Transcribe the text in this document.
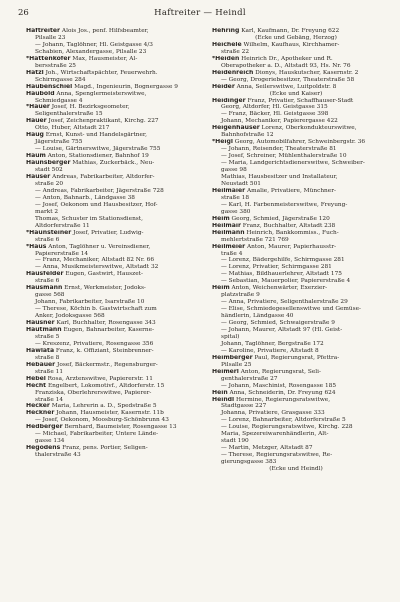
26	Haftreiter — Heindl
Haftreiter Alois Jos., penf. Hilfsbeamter,
Pilsalle 23
— Johann, Taglöhner, Hl. Geistgasse 4/3
Schabien, Alexandergasse, Pilsalle 23
*Hattenkofer Max, Hausmeister, Al-
bersstraße 25
Hatzl Joh., Wirtschaftspächter, Feuerwehrh.
Schirmgasse 284
Haubenschiel Magd., Ingenieurin, Bognergasse 9
Haubold Anna, Spenglermeisterswitwe,
Schmiedgasse 4
*Hauer Josef, H. Bezirksgeometer,
Seligenthalerstraße 15
Hauer Josef, Zeichenpraktikant, Kirchg. 227
Otto, Huber, Altstadt 217
Haug Ernst, Kunst- und Handelsgärtner,
Jägerstraße 755
— Louise, Gärtnerswitwe, Jägerstraße 755
Haum Anton, Stationsdiener, Bahnhof 19
Haunsberger Mathias, Zuckerbäck., Neu-
stadt 502
Hauser Andreas, Fabrikarbeiter, Altdorfer-
straße 20
— Andreas, Fabrikarbeiter, Jägerstraße 728
— Anton, Bahnarb., Ländgasse 38
— Josef, Oekonom und Hausbesitzer, Hof-
markt 2
Thomas, Schuster im Stationsdienst,
Altdorferstraße 11
*Haunsteiner Josef, Privatier, Ludwig-
straße 6
*Haus Anton, Taglöhner u. Vereinsdiener,
Papiererstraße 14
— Franz, Mechaniker, Altstadt 82 Nr. 66
— Anna, Musikmeisterswitwe, Altstadt 32
Hausfelder Eugen, Gastwirt, Hauszet-
straße 6
Hausmann Ernst, Werkmeister, Jodoks-
gasse 568
Johann, Fabrikarbeiter, Isarstraße 10
— Therese, Köchin b. Gastwirtschaft zum
Anker, Jodoksgasse 568
Hausner Karl, Buchhalter, Rosengasse 343
Hautmann Eugen, Bahnarbeiter, Kaserne-
straße 5
— Kreszenz, Privatiere, Rosengasse 356
Hawlata Franz, k. Offiziant, Steinbrenner-
straße 8
Hebauer Josef, Bäckermstr., Regensburger-
straße 11
Hebel Rosa, Arztenswitwe, Papiererstr. 11
Hecht Engelbert, Lokomotivf., Altdorferstr. 15
Franziska, Oberlehrerswitwe, Papierer-
straße 14
Hecker Maria, Lehrerin a. D., Spedstraße 5
Heckner Johann, Hausmeister, Kasernstr. 11b
— Josef, Oekonom, Moosburg-Schönbrunn 43
Hedberger Bernhard, Baumeister, Rosengasse 13
— Michael, Fabrikarbeiter, Untere Lände-
gasse 134
Hegodens Franz, pens. Portier, Seligen-
thalerstraße 43
Hehring Karl, Kaufmann, Dr. Freyung 622
(Ecke und Gebäng, Herzog)
Heichele Wilhelm, Kaufhaus, Kirchhamer-
straße 22
*Heiden Heinrich Dr., Apotheker und R.
Oberapotheker a. D., Altstadt 93, Hs. Nr. 76
Heidenreich Dionys, Hauskutscher, Kasernstr. 2
— Georg, Drogeriebesitzer, Theaterstraße 58
Heider Anna, Seilerswitwe, Luitpoldstr. 8
(Ecke und Kaiser)
Heidinger Franz, Privatier, Schaffhauser-Stadt
Georg, Altdorfer, Hl. Geistgasse 315
— Franz, Bäcker, Hl. Geistgasse 398
Johann, Mechaniker, Papierergasse 422
Heigenhauser Lorenz, Oberkondukteurswitwe,
Bahnhofstraße 12
*Heigl Georg, Automobilfahrer, Schweinbergstr. 36
— Johann, Reisender, Theaterstraße 81
— Josef, Schreiner, Mühlenthalerstraße 10
— Maria, Landgerichtsdienerswitwe, Schweiber-
gasse 98
Mathias, Hausbesitzer und Installateur,
Neustadt 501
Heilmaier Amalie, Privatiere, Münchner-
straße 18
— Karl, H. Farbenmeisterswitwe, Freyung-
gasse 380
Heim Georg, Schmied, Jägerstraße 120
Heilmair Franz, Buchhalter, Altstadt 238
Heilmann Heinrich, Bankkommiss., Fuch-
mehlertstraße 721 769
Heilmeier Anton, Maurer, Papierhausstr-
traße 4
— Lorenz, Bädergehilfe, Schirmgasse 281
— Lorenz, Privatier, Schirmgasse 281
— Mathias, Bildhauerlehrer, Altstadt 175
— Sebastian, Mauerpolier, Papiererstraße 4
Heim Anton, Weichenwärter, Exerzier-
platzstraße 9
— Anna, Privatiere, Seligenthalerstraße 29
— Elise, Schmiedegesellenswitwe und Gemüse-
händlerin, Ländgasse 40
— Georg, Schmied, Schwaigerstraße 9
— Johann, Maurer, Altstadt 97 (Hl. Geist-
spital)
Johann, Taglöhner, Bergstraße 172
— Karoline, Privatiere, Altstadt 8
Heimberger Paul, Regierungsrat, Pfettra-
Pilsalle 25
Heimerl Anton, Regierungsrat, Seli-
genthalerstraße 27
— Johann, Maschinist, Rosengasse 185
Hein Anna, Schneiderin, Dr. Freyung 624
Heindl Hermine, Regierungsratswitwe,
Stadtgasse 227
Johanna, Privatiere, Grasgasse 333
— Lorenz, Bahnarbeiter, Altdorferstraße 5
— Louise, Regierungsratswitwe, Kirchg. 228
Maria, Spezereiwarenhändlerin, Alt-
stadt 190
— Martin, Metzger, Altstadt 87
— Therese, Regierungsratswitwe, Re-
gierungsgasse 383
(Ecke und Heindl)
